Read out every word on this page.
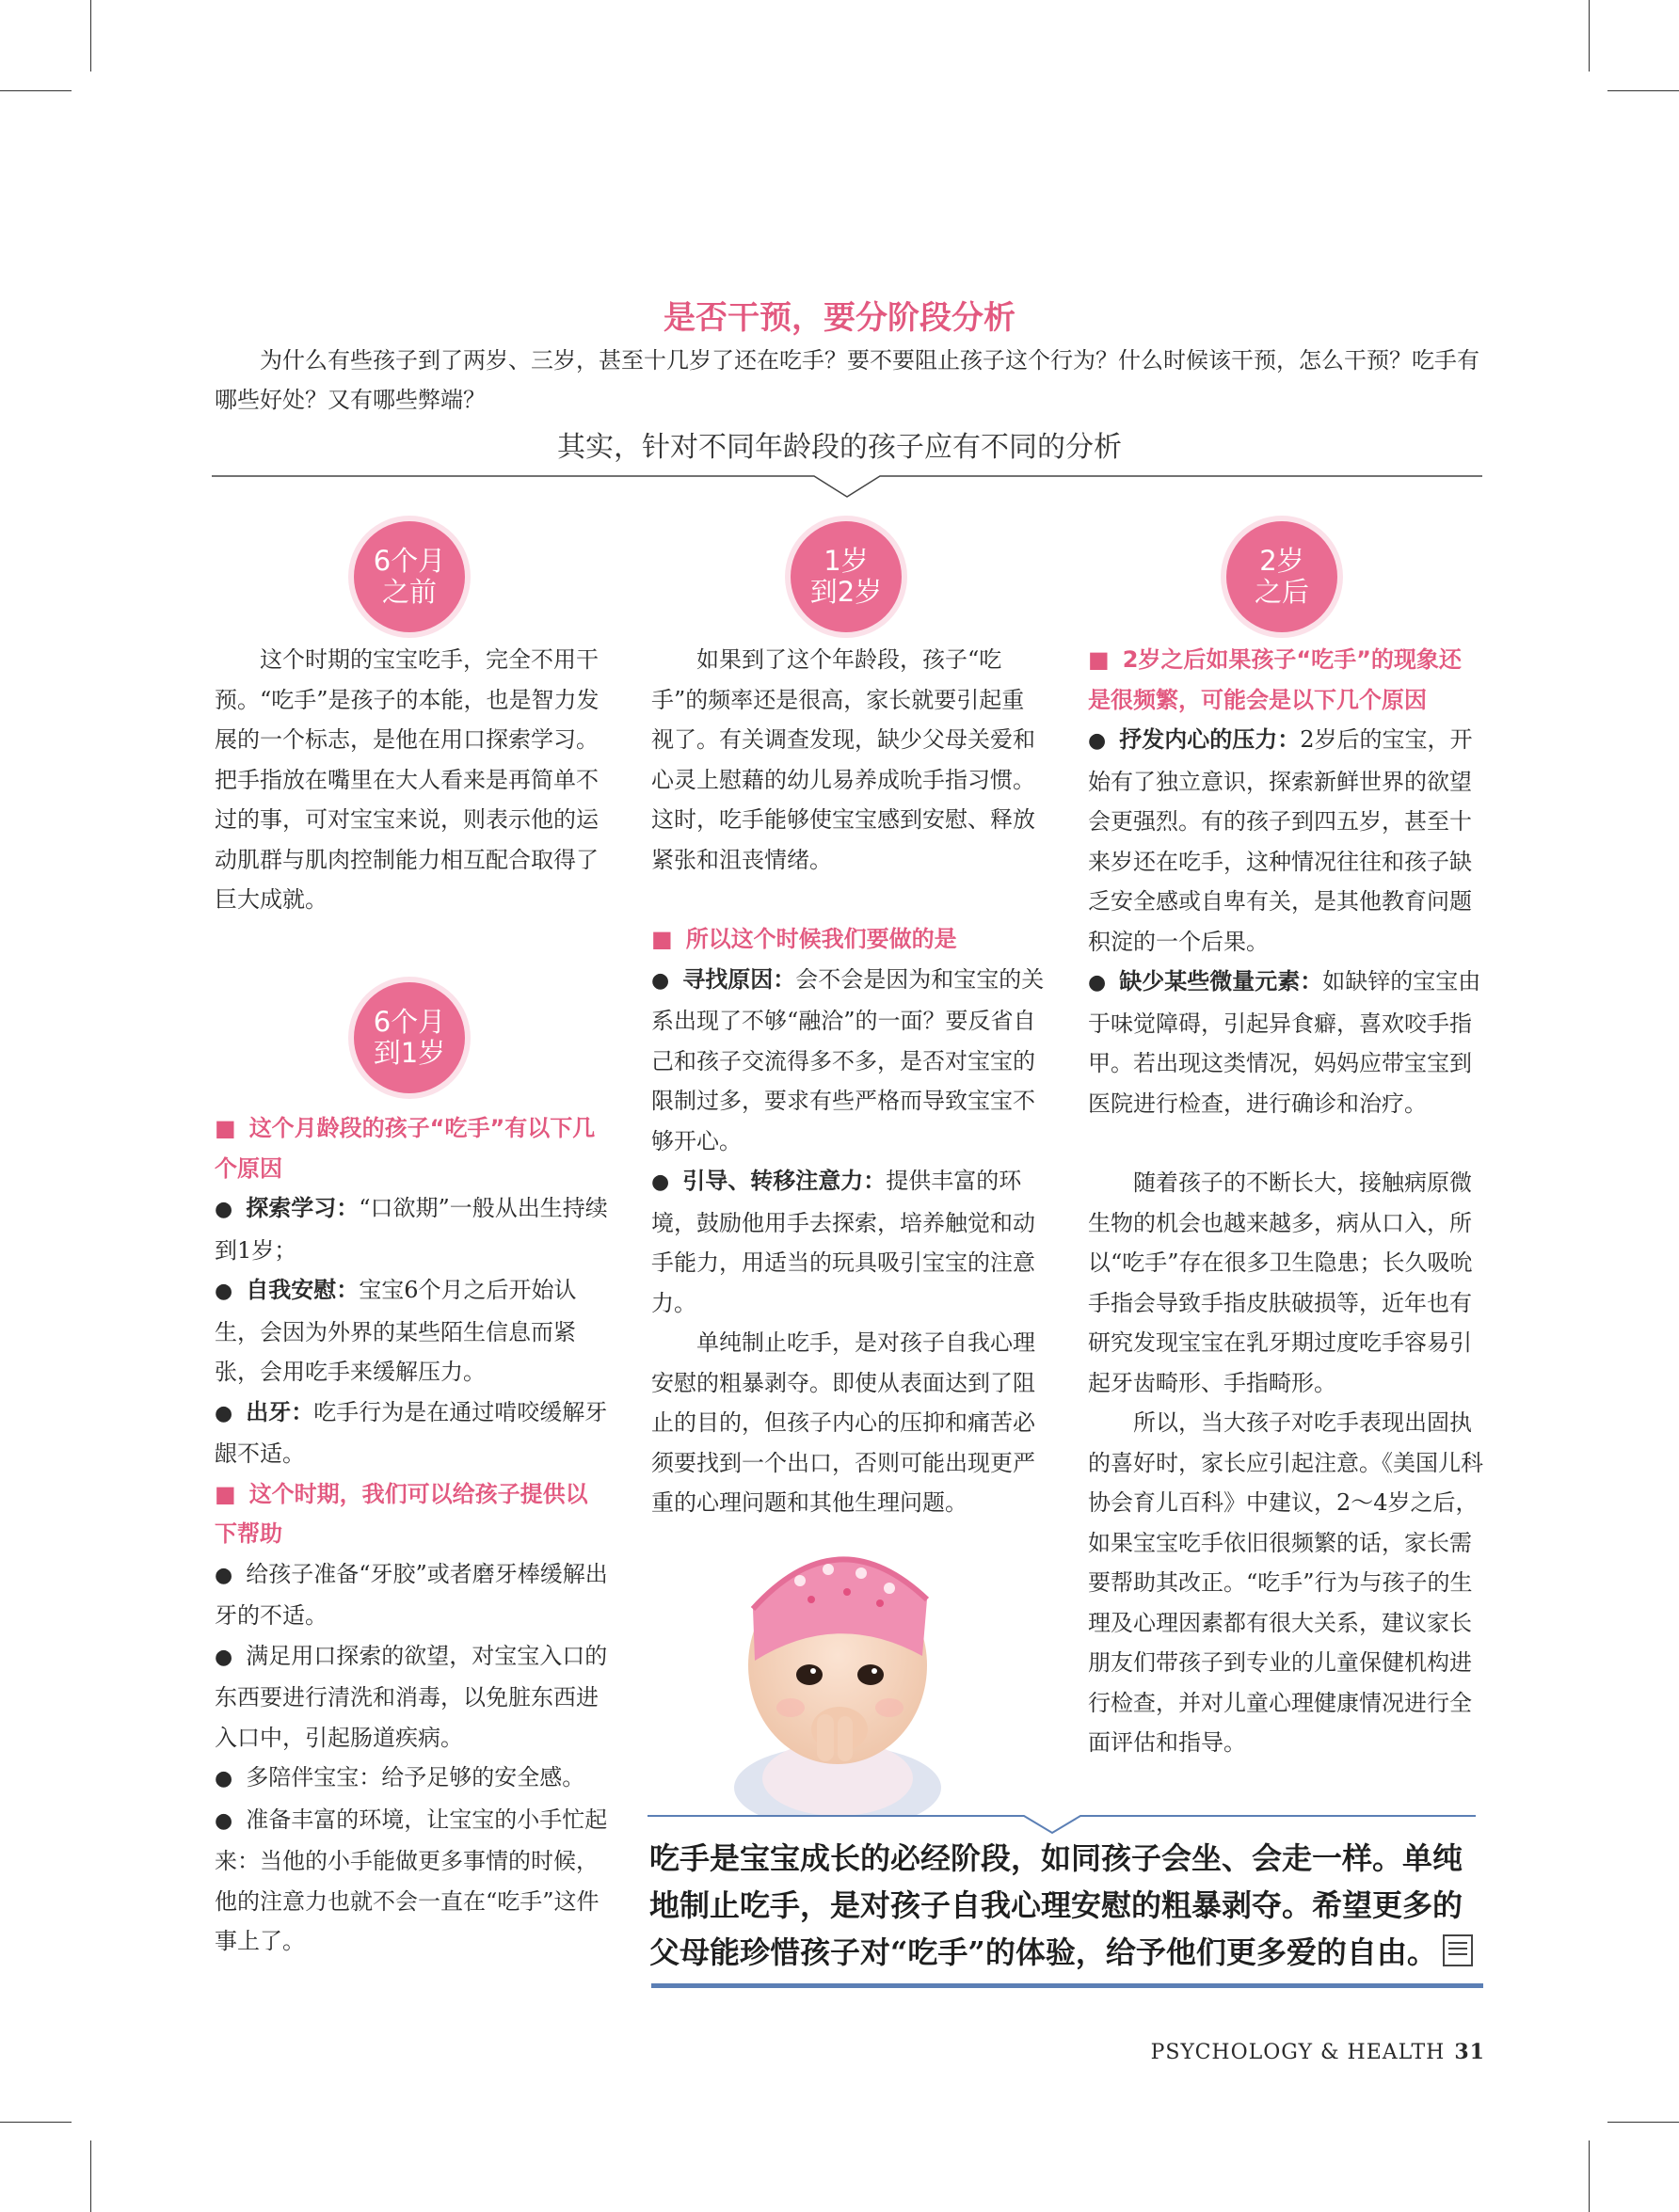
是否干预，要分阶段分析
为什么有些孩子到了两岁、三岁，甚至十几岁了还在吃手？要不要阻止孩子这个行为？什么时候该干预，怎么干预？吃手有哪些好处？又有哪些弊端？
其实，针对不同年龄段的孩子应有不同的分析
6个月
之前
1岁
到2岁
2岁
之后
6个月
到1岁

这个时期的宝宝吃手，完全不用干预。“吃手”是孩子的本能，也是智力发展的一个标志，是他在用口探索学习。把手指放在嘴里在大人看来是再简单不过的事，可对宝宝来说，则表示他的运动肌群与肌肉控制能力相互配合取得了巨大成就。

■ 这个月龄段的孩子“吃手”有以下几个原因

● 探索学习：“口欲期”一般从出生持续到1岁；

● 自我安慰：宝宝6个月之后开始认生，会因为外界的某些陌生信息而紧张，会用吃手来缓解压力。

● 出牙：吃手行为是在通过啃咬缓解牙龈不适。

■ 这个时期，我们可以给孩子提供以下帮助

● 给孩子准备“牙胶”或者磨牙棒缓解出牙的不适。

● 满足用口探索的欲望，对宝宝入口的东西要进行清洗和消毒，以免脏东西进入口中，引起肠道疾病。

● 多陪伴宝宝：给予足够的安全感。

● 准备丰富的环境，让宝宝的小手忙起来：当他的小手能做更多事情的时候，他的注意力也就不会一直在“吃手”这件事上了。

如果到了这个年龄段，孩子“吃手”的频率还是很高，家长就要引起重视了。有关调查发现，缺少父母关爱和心灵上慰藉的幼儿易养成吮手指习惯。这时，吃手能够使宝宝感到安慰、释放紧张和沮丧情绪。

■ 所以这个时候我们要做的是

● 寻找原因：会不会是因为和宝宝的关系出现了不够“融洽”的一面？要反省自己和孩子交流得多不多，是否对宝宝的限制过多，要求有些严格而导致宝宝不够开心。

● 引导、转移注意力：提供丰富的环境，鼓励他用手去探索，培养触觉和动手能力，用适当的玩具吸引宝宝的注意力。

单纯制止吃手，是对孩子自我心理安慰的粗暴剥夺。即使从表面达到了阻止的目的，但孩子内心的压抑和痛苦必须要找到一个出口，否则可能出现更严重的心理问题和其他生理问题。

■ 2岁之后如果孩子“吃手”的现象还是很频繁，可能会是以下几个原因

● 抒发内心的压力：2岁后的宝宝，开始有了独立意识，探索新鲜世界的欲望会更强烈。有的孩子到四五岁，甚至十来岁还在吃手，这种情况往往和孩子缺乏安全感或自卑有关，是其他教育问题积淀的一个后果。

● 缺少某些微量元素：如缺锌的宝宝由于味觉障碍，引起异食癖，喜欢咬手指甲。若出现这类情况，妈妈应带宝宝到医院进行检查，进行确诊和治疗。

随着孩子的不断长大，接触病原微生物的机会也越来越多，病从口入，所以“吃手”存在很多卫生隐患；长久吸吮手指会导致手指皮肤破损等，近年也有研究发现宝宝在乳牙期过度吃手容易引起牙齿畸形、手指畸形。

所以，当大孩子对吃手表现出固执的喜好时，家长应引起注意。《美国儿科协会育儿百科》中建议，2～4岁之后，如果宝宝吃手依旧很频繁的话，家长需要帮助其改正。“吃手”行为与孩子的生理及心理因素都有很大关系，建议家长朋友们带孩子到专业的儿童保健机构进行检查，并对儿童心理健康情况进行全面评估和指导。

吃手是宝宝成长的必经阶段，如同孩子会坐、会走一样。单纯地制止吃手，是对孩子自我心理安慰的粗暴剥夺。希望更多的父母能珍惜孩子对“吃手”的体验，给予他们更多爱的自由。
PSYCHOLOGY & HEALTH 31
